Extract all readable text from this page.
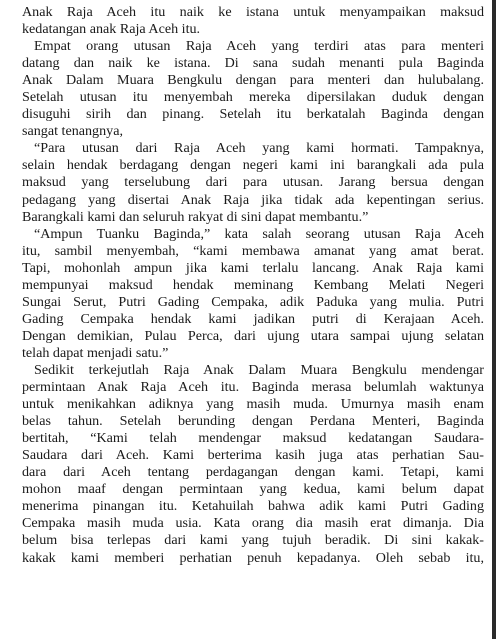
Anak Raja Aceh itu naik ke istana untuk menyampaikan maksud
kedatangan anak Raja Aceh itu.
Empat orang utusan Raja Aceh yang terdiri atas para menteri
datang dan naik ke istana. Di sana sudah menanti pula Baginda
Anak Dalam Muara Bengkulu dengan para menteri dan hulubalang.
Setelah utusan itu menyembah mereka dipersilakan duduk dengan
disuguhi sirih dan pinang. Setelah itu berkatalah Baginda dengan
sangat tenangnya,
“Para utusan dari Raja Aceh yang kami hormati. Tampaknya,
selain hendak berdagang dengan negeri kami ini barangkali ada pula
maksud yang terselubung dari para utusan. Jarang bersua dengan
pedagang yang disertai Anak Raja jika tidak ada kepentingan serius.
Barangkali kami dan seluruh rakyat di sini dapat membantu.”
“Ampun Tuanku Baginda,” kata salah seorang utusan Raja Aceh
itu, sambil menyembah, “kami membawa amanat yang amat berat.
Tapi, mohonlah ampun jika kami terlalu lancang. Anak Raja kami
mempunyai maksud hendak meminang Kembang Melati Negeri
Sungai Serut, Putri Gading Cempaka, adik Paduka yang mulia. Putri
Gading Cempaka hendak kami jadikan putri di Kerajaan Aceh.
Dengan demikian, Pulau Perca, dari ujung utara sampai ujung selatan
telah dapat menjadi satu.”
Sedikit terkejutlah Raja Anak Dalam Muara Bengkulu mendengar
permintaan Anak Raja Aceh itu. Baginda merasa belumlah waktunya
untuk menikahkan adiknya yang masih muda. Umurnya masih enam
belas tahun. Setelah berunding dengan Perdana Menteri, Baginda
bertitah, “Kami telah mendengar maksud kedatangan Saudara-
Saudara dari Aceh. Kami berterima kasih juga atas perhatian Sau-
dara dari Aceh tentang perdagangan dengan kami. Tetapi, kami
mohon maaf dengan permintaan yang kedua, kami belum dapat
menerima pinangan itu. Ketahuilah bahwa adik kami Putri Gading
Cempaka masih muda usia. Kata orang dia masih erat dimanja. Dia
belum bisa terlepas dari kami yang tujuh beradik. Di sini kakak-
kakak kami memberi perhatian penuh kepadanya. Oleh sebab itu,
